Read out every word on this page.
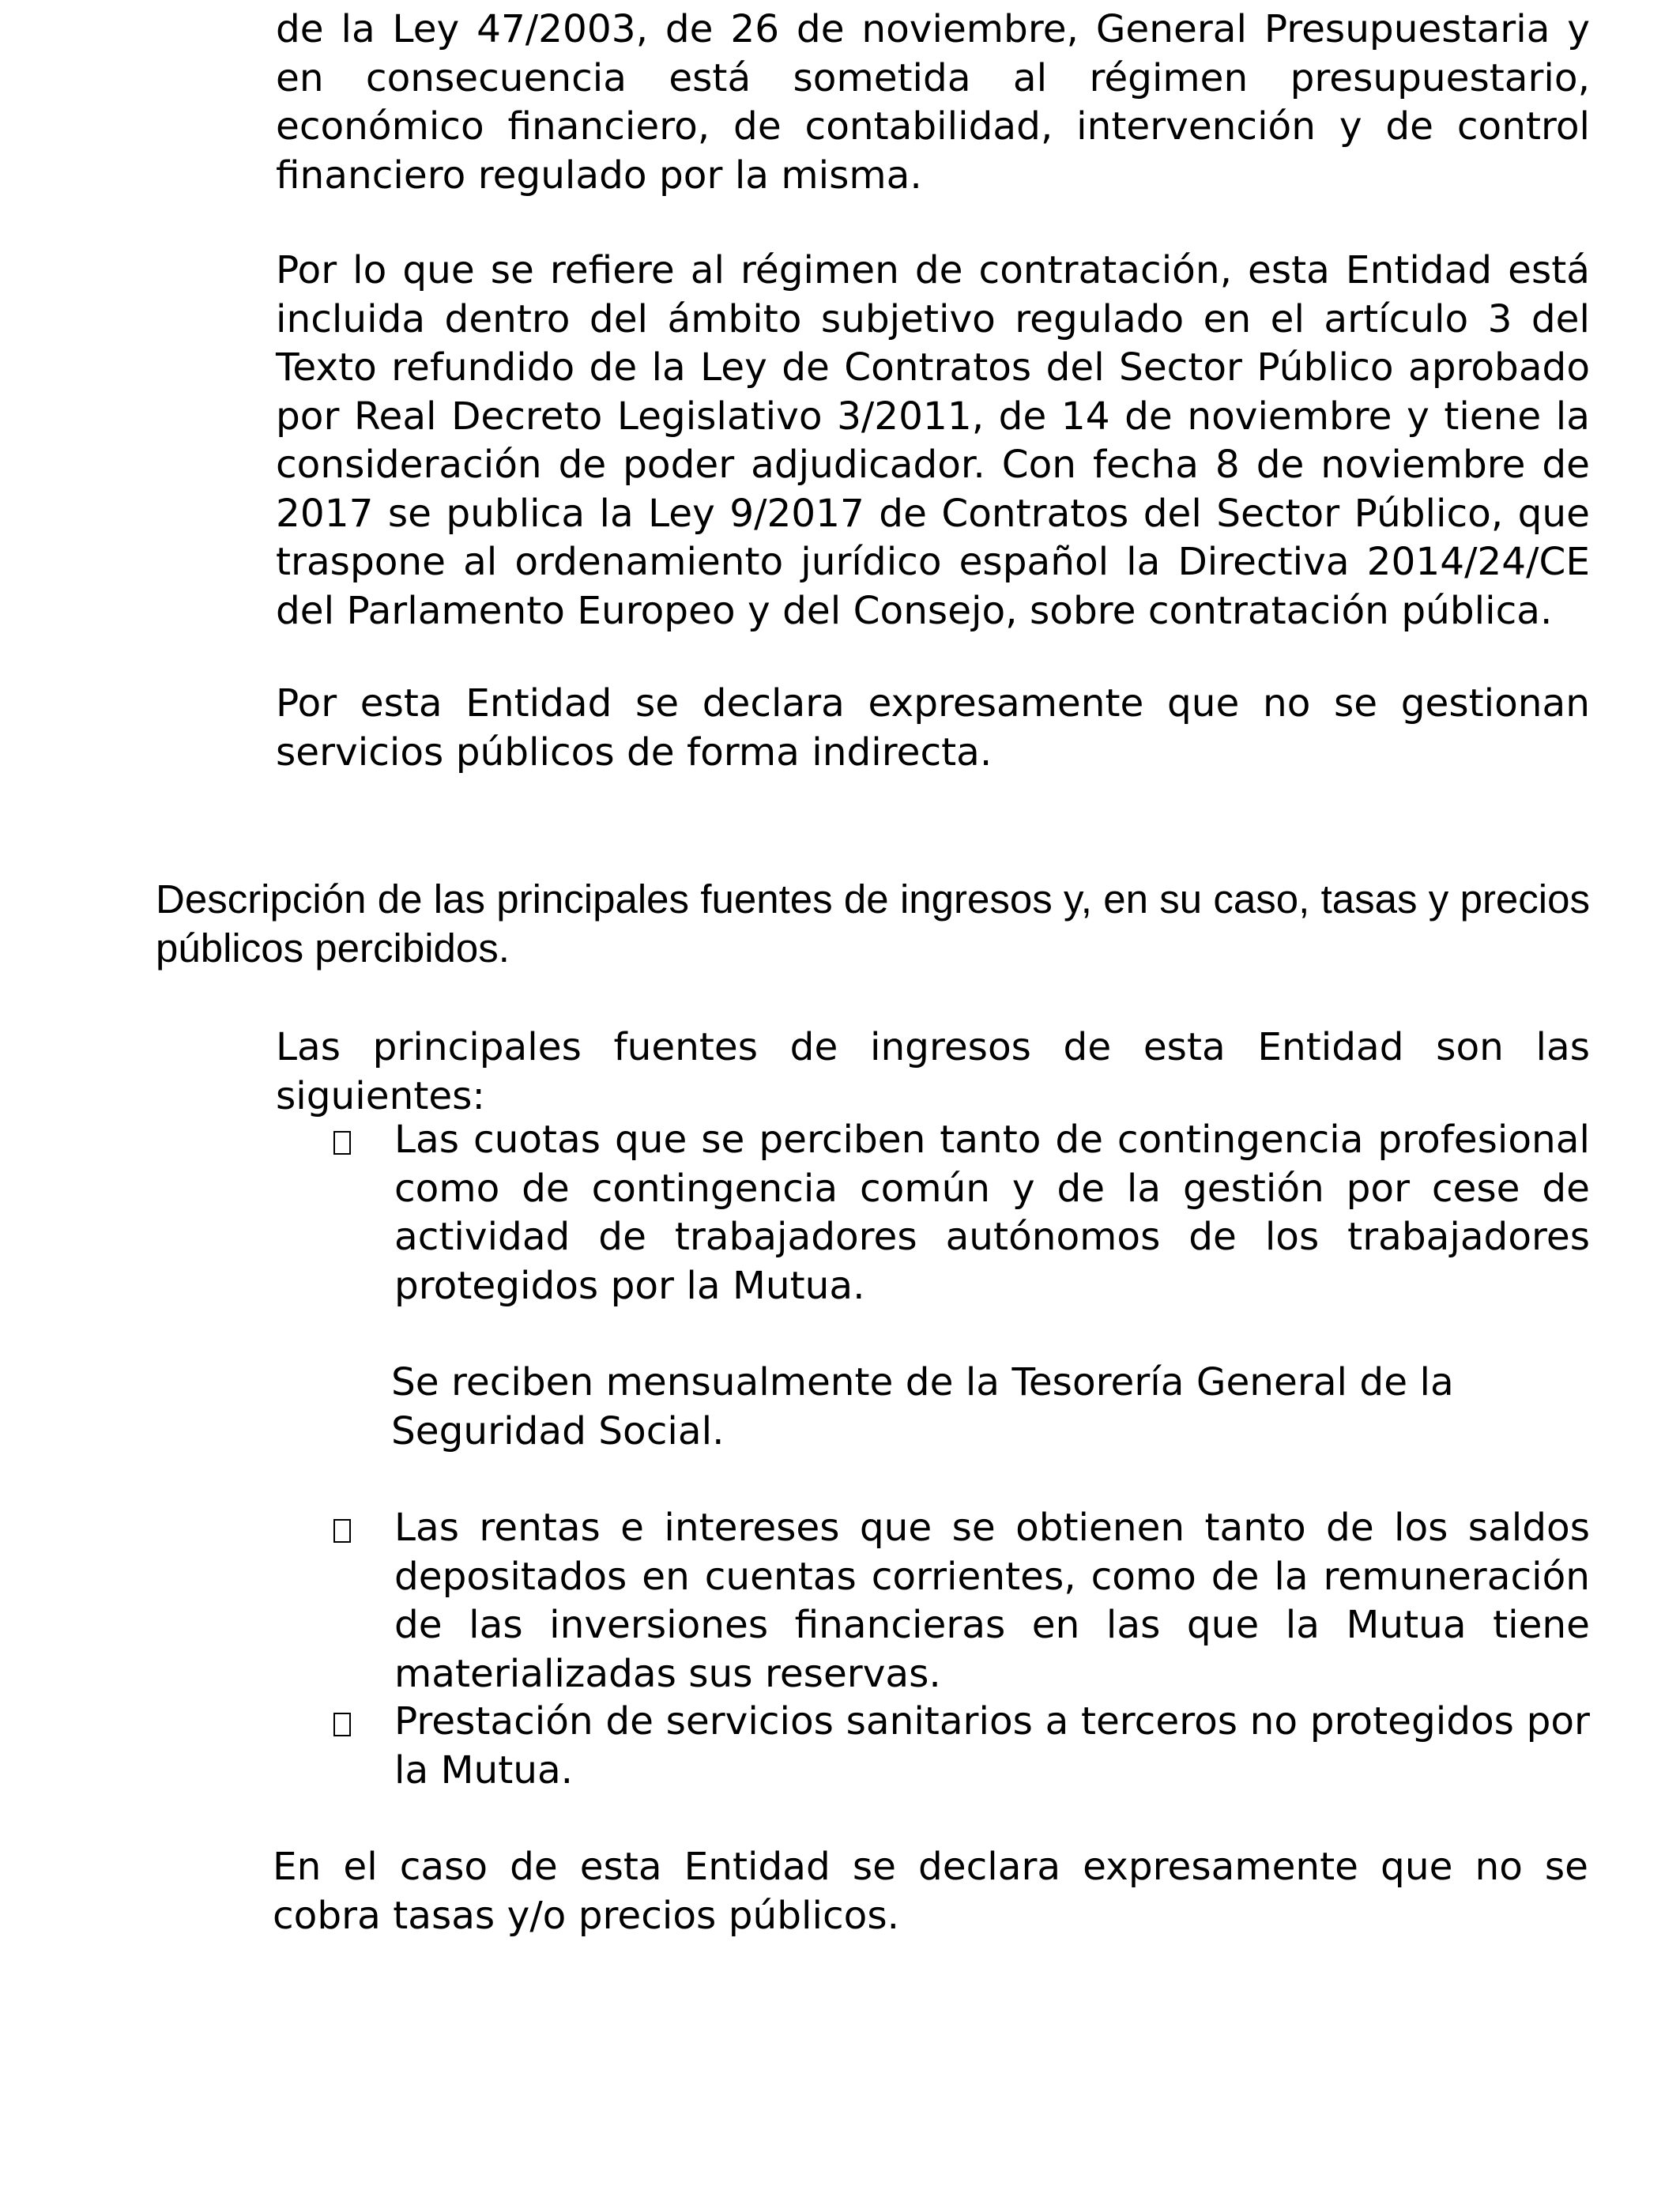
de la Ley 47/2003, de 26 de noviembre, General Presupuestaria y en consecuencia está sometida al régimen presupuestario, económico financiero, de contabilidad, intervención y de control financiero regulado por la misma.

Por lo que se refiere al régimen de contratación, esta Entidad está incluida dentro del ámbito subjetivo regulado en el artículo 3 del Texto refundido de la Ley de Contratos del Sector Público aprobado por Real Decreto Legislativo 3/2011, de 14 de noviembre y tiene la consideración de poder adjudicador. Con fecha 8 de noviembre de 2017 se publica la Ley 9/2017 de Contratos del Sector Público, que traspone al ordenamiento jurídico español la Directiva 2014/24/CE del Parlamento Europeo y del Consejo, sobre contratación pública.

Por esta Entidad se declara expresamente que no se gestionan servicios públicos de forma indirecta.

Descripción de las principales fuentes de ingresos y, en su caso, tasas y precios públicos percibidos.

Las principales fuentes de ingresos de esta Entidad son las siguientes:

Las cuotas que se perciben tanto de contingencia profesional como de contingencia común y de la gestión por cese de actividad de trabajadores autónomos de los trabajadores protegidos por la Mutua.

Se reciben mensualmente de la Tesorería General de la Seguridad Social.

Las rentas e intereses que se obtienen tanto de los saldos depositados en cuentas corrientes, como de la remuneración de las inversiones financieras en las que la Mutua tiene materializadas sus reservas.

Prestación de servicios sanitarios a terceros no protegidos por la Mutua.

En el caso de esta Entidad se declara expresamente que no se cobra tasas y/o precios públicos.
